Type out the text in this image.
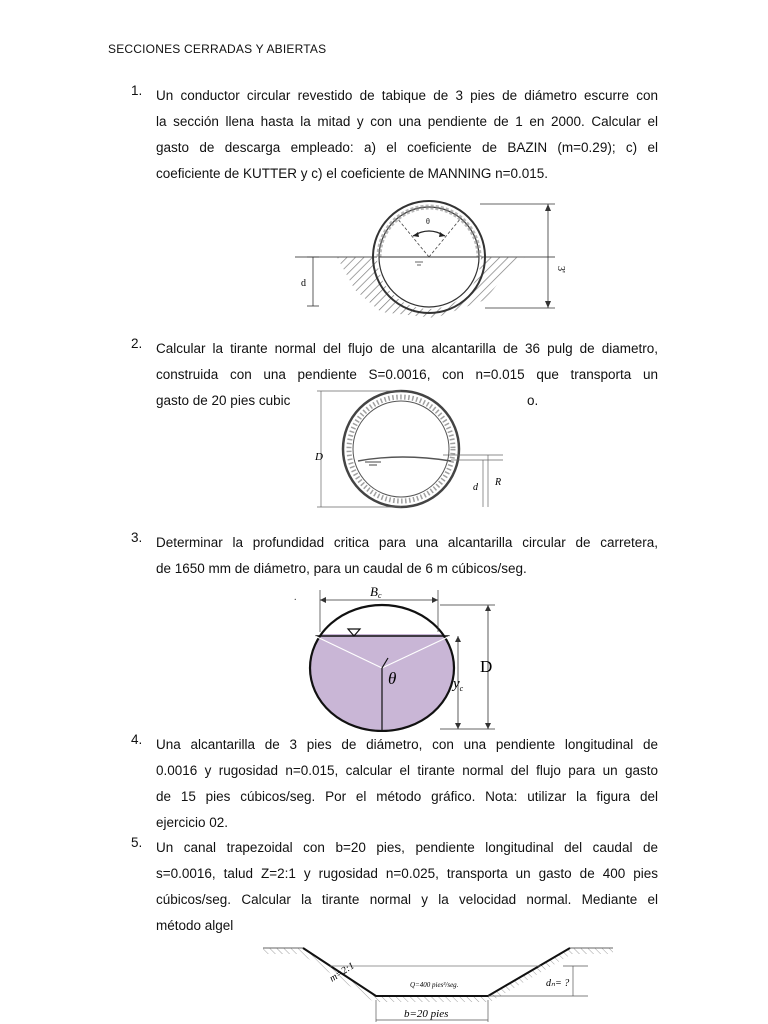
SECCIONES CERRADAS Y ABIERTAS
1. Un conductor circular revestido de tabique de 3 pies de diámetro escurre con
la sección llena hasta la mitad y con una pendiente de 1 en 2000. Calcular el
gasto de descarga empleado: a) el coeficiente de BAZIN (m=0.29); c) el
coeficiente de KUTTER y c) el coeficiente de MANNING n=0.015.
θ
d
3'
2. Calcular la tirante normal del flujo de una alcantarilla de 36 pulg de diametro,
construida con una pendiente S=0.0016, con n=0.015 que transporta un
gasto de 20 pies cubic	o.
D
d R
3. Determinar la profundidad critica para una alcantarilla circular de carretera,
de 1650 mm de diámetro, para un caudal de 6 m cúbicos/seg.
.
θ
Bc
D
$y_c$
4. Una alcantarilla de 3 pies de diámetro, con una pendiente longitudinal de
0.0016 y rugosidad n=0.015, calcular el tirante normal del flujo para un gasto
de 15 pies cúbicos/seg. Por el método gráfico. Nota: utilizar la figura del
ejercicio 02.
5. Un canal trapezoidal con b=20 pies, pendiente longitudinal del caudal de
s=0.0016, talud Z=2:1 y rugosidad n=0.025, transporta un gasto de 400 pies
cúbicos/seg. Calcular la tirante normal y la velocidad normal. Mediante el
método algel
m=2:1
Q=400 pies³/seg.	dₙ= ?
b=20 pies
